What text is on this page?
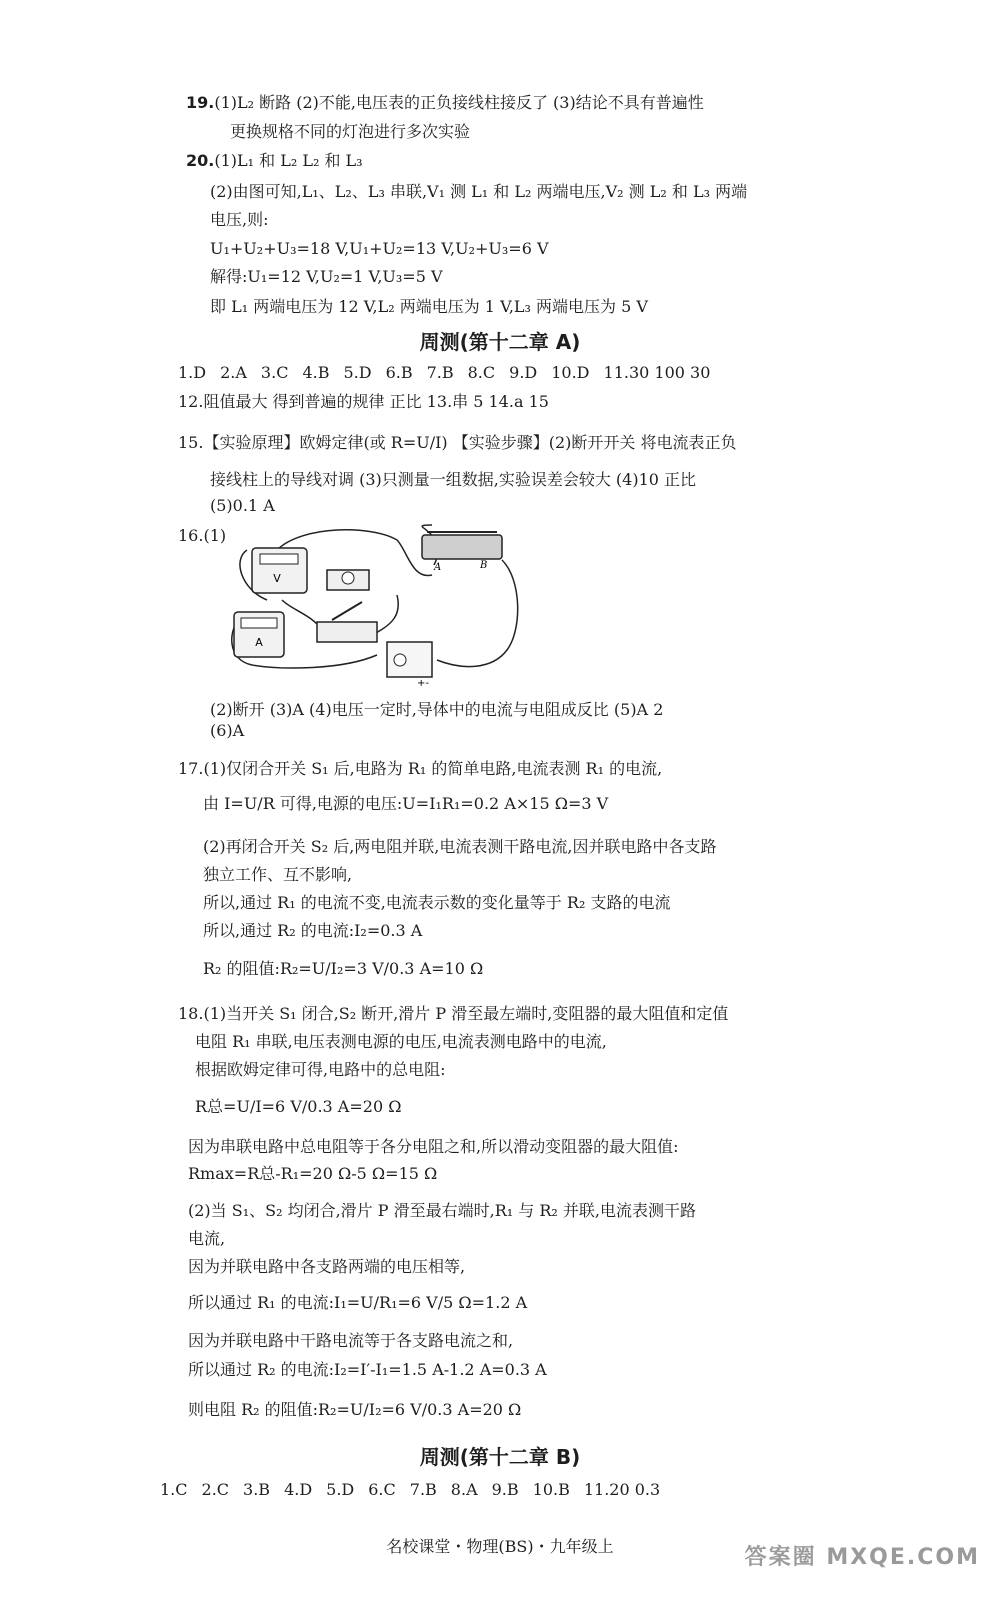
19.(1)L₂ 断路 (2)不能,电压表的正负接线柱接反了 (3)结论不具有普遍性
更换规格不同的灯泡进行多次实验
20.(1)L₁ 和 L₂ L₂ 和 L₃
(2)由图可知,L₁、L₂、L₃ 串联,V₁ 测 L₁ 和 L₂ 两端电压,V₂ 测 L₂ 和 L₃ 两端
电压,则:
U₁+U₂+U₃=18 V,U₁+U₂=13 V,U₂+U₃=6 V
解得:U₁=12 V,U₂=1 V,U₃=5 V
即 L₁ 两端电压为 12 V,L₂ 两端电压为 1 V,L₃ 两端电压为 5 V
周测(第十二章 A)
1.D 2.A 3.C 4.B 5.D 6.B 7.B 8.C 9.D 10.D 11.30 100 30
12.阻值最大 得到普遍的规律 正比 13.串 5 14.a 15
15.【实验原理】欧姆定律(或 R=U/I) 【实验步骤】(2)断开开关 将电流表正负
接线柱上的导线对调 (3)只测量一组数据,实验误差会较大 (4)10 正比
(5)0.1 A
16.(1)
V
A	B
A
+-
(2)断开 (3)A (4)电压一定时,导体中的电流与电阻成反比 (5)A 2
(6)A
17.(1)仅闭合开关 S₁ 后,电路为 R₁ 的简单电路,电流表测 R₁ 的电流,
由 I=U/R 可得,电源的电压:U=I₁R₁=0.2 A×15 Ω=3 V
(2)再闭合开关 S₂ 后,两电阻并联,电流表测干路电流,因并联电路中各支路
独立工作、互不影响,
所以,通过 R₁ 的电流不变,电流表示数的变化量等于 R₂ 支路的电流
所以,通过 R₂ 的电流:I₂=0.3 A
R₂ 的阻值:R₂=U/I₂=3 V/0.3 A=10 Ω
18.(1)当开关 S₁ 闭合,S₂ 断开,滑片 P 滑至最左端时,变阻器的最大阻值和定值
电阻 R₁ 串联,电压表测电源的电压,电流表测电路中的电流,
根据欧姆定律可得,电路中的总电阻:
R总=U/I=6 V/0.3 A=20 Ω
因为串联电路中总电阻等于各分电阻之和,所以滑动变阻器的最大阻值:
Rmax=R总-R₁=20 Ω-5 Ω=15 Ω
(2)当 S₁、S₂ 均闭合,滑片 P 滑至最右端时,R₁ 与 R₂ 并联,电流表测干路
电流,
因为并联电路中各支路两端的电压相等,
所以通过 R₁ 的电流:I₁=U/R₁=6 V/5 Ω=1.2 A
因为并联电路中干路电流等于各支路电流之和,
所以通过 R₂ 的电流:I₂=I′-I₁=1.5 A-1.2 A=0.3 A
则电阻 R₂ 的阻值:R₂=U/I₂=6 V/0.3 A=20 Ω
周测(第十二章 B)
1.C 2.C 3.B 4.D 5.D 6.C 7.B 8.A 9.B 10.B 11.20 0.3
名校课堂・物理(BS)・九年级上	答案圈 MXQE.COM
